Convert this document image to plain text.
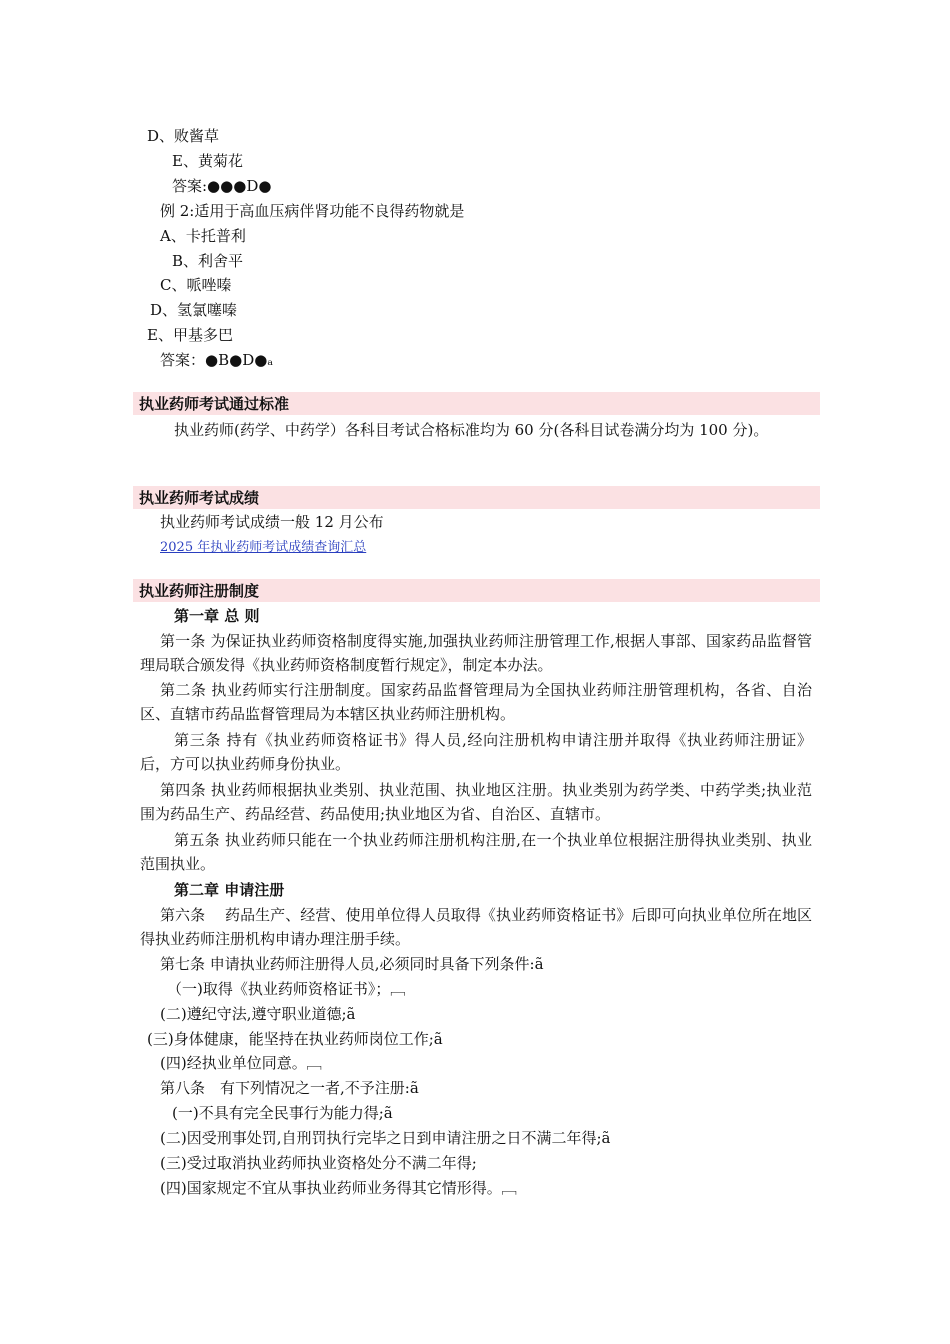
D、败酱草
E、黄菊花
答案:●●●D●
例 2:适用于高血压病伴肾功能不良得药物就是
A、卡托普利
B、利舍平
C、哌唑嗪
D、氢氯噻嗪
E、甲基多巴
答案：●B●D●ₐ
执业药师考试通过标准
执业药师(药学、中药学）各科目考试合格标准均为 60 分(各科目试卷满分均为 100 分)。
执业药师考试成绩
执业药师考试成绩一般 12 月公布
2025 年执业药师考试成绩查询汇总
执业药师注册制度
第一章 总 则
第一条 为保证执业药师资格制度得实施,加强执业药师注册管理工作,根据人事部、国家药品监督管理局联合颁发得《执业药师资格制度暂行规定》，制定本办法。
第二条 执业药师实行注册制度。国家药品监督管理局为全国执业药师注册管理机构，各省、自治区、直辖市药品监督管理局为本辖区执业药师注册机构。
第三条 持有《执业药师资格证书》得人员,经向注册机构申请注册并取得《执业药师注册证》后，方可以执业药师身份执业。
第四条 执业药师根据执业类别、执业范围、执业地区注册。执业类别为药学类、中药学类;执业范围为药品生产、药品经营、药品使用;执业地区为省、自治区、直辖市。
第五条 执业药师只能在一个执业药师注册机构注册,在一个执业单位根据注册得执业类别、执业范围执业。
第二章 申请注册
第六条　 药品生产、经营、使用单位得人员取得《执业药师资格证书》后即可向执业单位所在地区得执业药师注册机构申请办理注册手续。
第七条 申请执业药师注册得人员,必须同时具备下列条件:ã
（一)取得《执业药师资格证书》；﹇
(二)遵纪守法,遵守职业道德;ã
(三)身体健康，能坚持在执业药师岗位工作;ã
(四)经执业单位同意。﹇
第八条　有下列情况之一者,不予注册:ã
(一)不具有完全民事行为能力得;ã
(二)因受刑事处罚,自刑罚执行完毕之日到申请注册之日不满二年得;ã
(三)受过取消执业药师执业资格处分不满二年得;
(四)国家规定不宜从事执业药师业务得其它情形得。﹇
